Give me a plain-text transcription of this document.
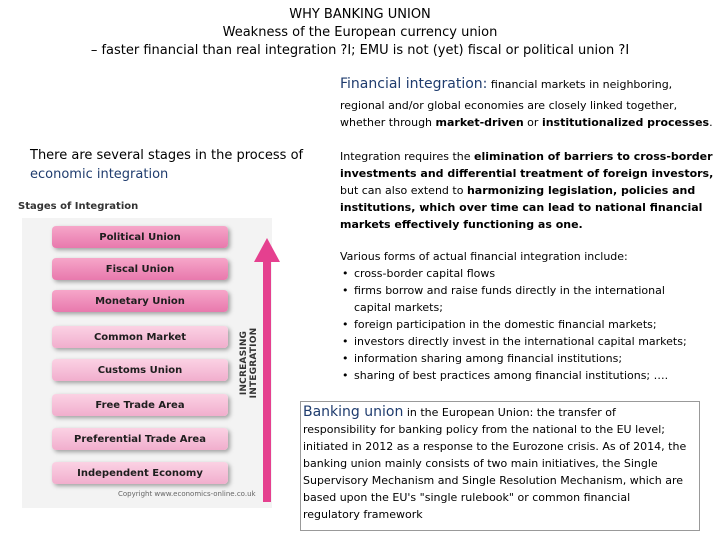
WHY BANKING UNION
Weakness of the European currency union
– faster financial than real integration ?I; EMU is not (yet) fiscal or political union ?I
Financial integration: financial markets in neighboring,
regional and/or global economies are closely linked together,
whether through market-driven or institutionalized processes.
There are several stages in the process of
economic integration
Integration requires the elimination of barriers to cross-border
investments and differential treatment of foreign investors,
but can also extend to harmonizing legislation, policies and
institutions, which over time can lead to national financial
markets effectively functioning as one.
Stages of Integration
Political Union
Fiscal Union
Monetary Union
Common Market
Customs Union
Free Trade Area
Preferential Trade Area
Independent Economy
INCREASING INTEGRATION
Copyright www.economics-online.co.uk
Various forms of actual financial integration include:
• cross-border capital flows
• firms borrow and raise funds directly in the international
capital markets;
• foreign participation in the domestic financial markets;
• investors directly invest in the international capital markets;
• information sharing among financial institutions;
• sharing of best practices among financial institutions; ….
Banking union in the European Union: the transfer of
responsibility for banking policy from the national to the EU level;
initiated in 2012 as a response to the Eurozone crisis. As of 2014, the
banking union mainly consists of two main initiatives, the Single
Supervisory Mechanism and Single Resolution Mechanism, which are
based upon the EU's "single rulebook" or common financial
regulatory framework
